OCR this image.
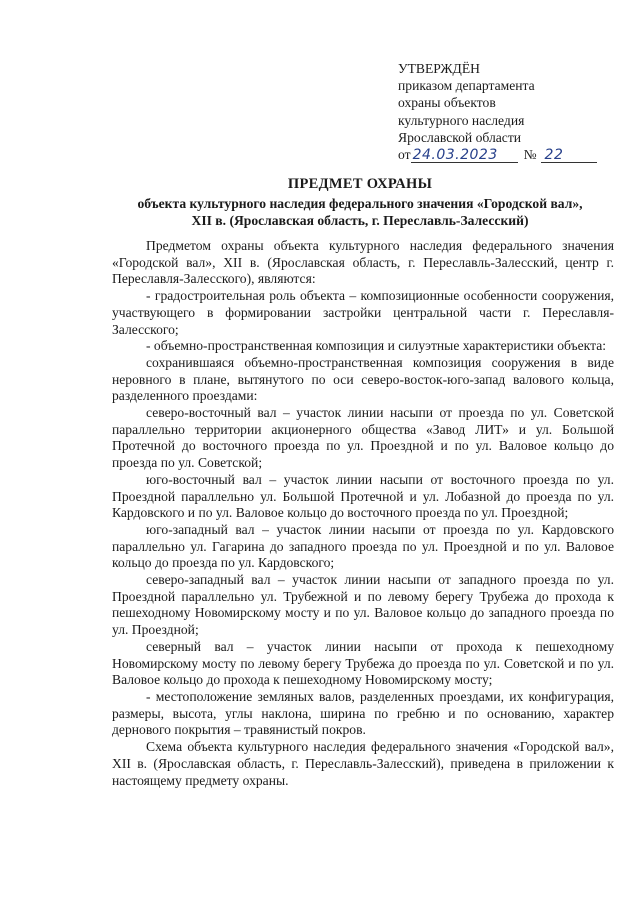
УТВЕРЖДЁН
приказом департамента
охраны объектов
культурного наследия
Ярославской области
от 24.03.2023	№ 22
ПРЕДМЕТ ОХРАНЫ
объекта культурного наследия федерального значения «Городской вал»,
XII в. (Ярославская область, г. Переславль-Залесский)

Предметом охраны объекта культурного наследия федерального значения «Городской вал», XII в. (Ярославская область, г. Переславль-Залесский, центр г. Переславля-Залесского), являются:

- градостроительная роль объекта – композиционные особенности сооружения, участвующего в формировании застройки центральной части г. Переславля-Залесского;

- объемно-пространственная композиция и силуэтные характеристики объекта:

сохранившаяся объемно-пространственная композиция сооружения в виде неровного в плане, вытянутого по оси северо-восток-юго-запад валового кольца, разделенного проездами:

северо-восточный вал – участок линии насыпи от проезда по ул. Советской параллельно территории акционерного общества «Завод ЛИТ» и ул. Большой Протечной до восточного проезда по ул. Проездной и по ул. Валовое кольцо до проезда по ул. Советской;

юго-восточный вал – участок линии насыпи от восточного проезда по ул. Проездной параллельно ул. Большой Протечной и ул. Лобазной до проезда по ул. Кардовского и по ул. Валовое кольцо до восточного проезда по ул. Проездной;

юго-западный вал – участок линии насыпи от проезда по ул. Кардовского параллельно ул. Гагарина до западного проезда по ул. Проездной и по ул. Валовое кольцо до проезда по ул. Кардовского;

северо-западный вал – участок линии насыпи от западного проезда по ул. Проездной параллельно ул. Трубежной и по левому берегу Трубежа до прохода к пешеходному Новомирскому мосту и по ул. Валовое кольцо до западного проезда по ул. Проездной;

северный вал – участок линии насыпи от прохода к пешеходному Новомирскому мосту по левому берегу Трубежа до проезда по ул. Советской и по ул. Валовое кольцо до прохода к пешеходному Новомирскому мосту;

- местоположение земляных валов, разделенных проездами, их конфигурация, размеры, высота, углы наклона, ширина по гребню и по основанию, характер дернового покрытия – травянистый покров.

Схема объекта культурного наследия федерального значения «Городской вал», XII в. (Ярославская область, г. Переславль-Залесский), приведена в приложении к настоящему предмету охраны.
